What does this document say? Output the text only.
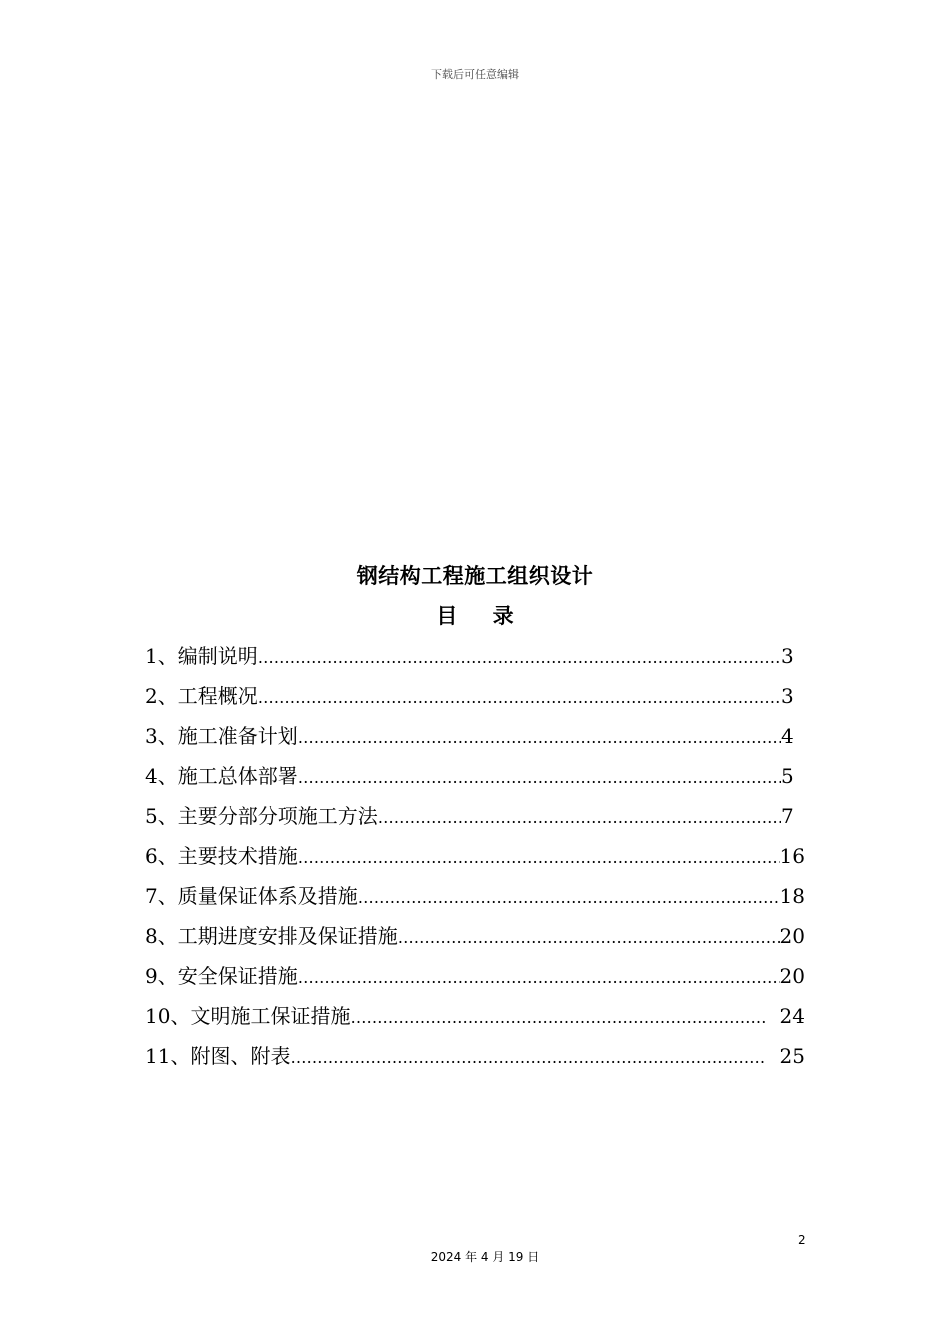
下载后可任意编辑
钢结构工程施工组织设计
目 录
1、编制说明 …………………………………………………………………………………………………………………………………………	3
2、工程概况 …………………………………………………………………………………………………………………………………………	3
3、施工准备计划 …………………………………………………………………………………………………………………………………………	4
4、施工总体部署 …………………………………………………………………………………………………………………………………………	5
5、主要分部分项施工方法 …………………………………………………………………………………………………………………………………………	7
6、主要技术措施 …………………………………………………………………………………………………………………………………………	16
7、质量保证体系及措施 …………………………………………………………………………………………………………………………………………	18
8、工期进度安排及保证措施 …………………………………………………………………………………………………………………………………………	20
9、安全保证措施 …………………………………………………………………………………………………………………………………………	20
10、文明施工保证措施 …………………………………………………………………………………………………………………………………………	24
11、附图、附表 …………………………………………………………………………………………………………………………………………	25
2
2024 年 4 月 19 日
